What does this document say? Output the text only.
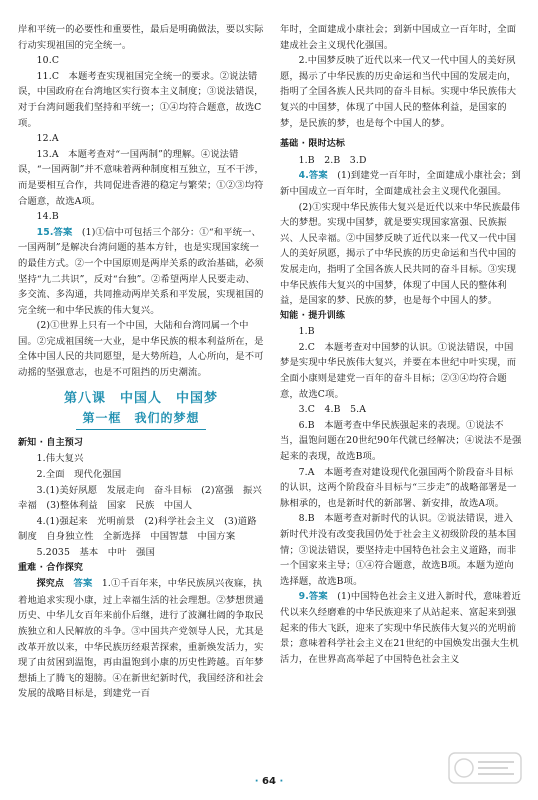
岸和平统一的必要性和重要性，最后是明确做法，要以实际行动实现祖国的完全统一。

10.C

11.C　本题考查实现祖国完全统一的要求。②说法错误，中国政府在台湾地区实行资本主义制度；③说法错误，对于台湾问题我们坚持和平统一；①④均符合题意，故选C项。

12.A

13.A　本题考查对“一国两制”的理解。④说法错误，“一国两制”并不意味着两种制度相互独立，互不干涉，而是要相互合作，共同促进香港的稳定与繁荣；①②③均符合题意，故选A项。

14.B

15.答案　 (1)①信中可包括三个部分：①“和平统一、一国两制”是解决台湾问题的基本方针，也是实现国家统一的最佳方式。②一个中国原则是两岸关系的政治基础，必须坚持“九二共识”，反对“台独”。②希望两岸人民要走动、多交流、多沟通，共同推动两岸关系和平发展，实现祖国的完全统一和中华民族的伟大复兴。

(2)①世界上只有一个中国，大陆和台湾同属一个中国。②完成祖国统一大业，是中华民族的根本利益所在，是全体中国人民的共同愿望，是大势所趋，人心所向，是不可动摇的坚强意志，也是不可阻挡的历史潮流。

第八课　中国人　中国梦
第一框　我们的梦想

新知 · 自主预习

1.伟大复兴

2.全面　现代化强国

3.(1)美好夙愿　发展走向　奋斗目标　(2)富强　振兴　幸福　(3)整体利益　国家　民族　中国人

4.(1)强起来　光明前景　(2)科学社会主义　(3)道路　制度　自身独立性　全新选择　中国智慧　中国方案

5.2035　基本　中叶　强国

重难 · 合作探究

探究点　 答案　 1.①千百年来，中华民族夙兴夜寐，执着地追求实现小康，过上幸福生活的社会理想。②梦想贯通历史、中华儿女百年来前仆后继，进行了波澜壮阔的争取民族独立和人民解放的斗争。③中国共产党领导人民，尤其是改革开放以来，中华民族历经艰苦探索，重新焕发活力，实现了由贫困到温饱，再由温饱到小康的历史性跨越。百年梦想插上了腾飞的翅膀。④在新世纪新时代，我国经济和社会发展的战略目标是，到建党一百

年时，全面建成小康社会；到新中国成立一百年时，全面建成社会主义现代化强国。

2.中国梦反映了近代以来一代又一代中国人的美好夙愿，揭示了中华民族的历史命运和当代中国的发展走向，指明了全国各族人民共同的奋斗目标。实现中华民族伟大复兴的中国梦，体现了中国人民的整体利益，是国家的梦，是民族的梦，也是每个中国人的梦。

基础 · 限时达标

1.B　2.B　3.D

4.答案　 (1)到建党一百年时，全面建成小康社会；到新中国成立一百年时，全面建成社会主义现代化强国。

(2)①实现中华民族伟大复兴是近代以来中华民族最伟大的梦想。实现中国梦，就是要实现国家富强、民族振兴、人民幸福。②中国梦反映了近代以来一代又一代中国人的美好夙愿，揭示了中华民族的历史命运和当代中国的发展走向，指明了全国各族人民共同的奋斗目标。③实现中华民族伟大复兴的中国梦，体现了中国人民的整体利益，是国家的梦、民族的梦，也是每个中国人的梦。

知能 · 提升训练

1.B

2.C　本题考查对中国梦的认识。①说法错误，中国梦是实现中华民族伟大复兴，并要在本世纪中叶实现，而全面小康则是建党一百年的奋斗目标；②③④均符合题意，故选C项。

3.C　4.B　5.A

6.B　本题考查中华民族强起来的表现。①说法不当，温饱问题在20世纪90年代就已经解决；④说法不是强起来的表现，故选B项。

7.A　本题考查对建设现代化强国两个阶段奋斗目标的认识，这两个阶段奋斗目标与“三步走”的战略部署是一脉相承的，也是新时代的新部署、新安排，故选A项。

8.B　本题考查对新时代的认识。②说法错误，进入新时代并没有改变我国仍处于社会主义初级阶段的基本国情；③说法错误，要坚持走中国特色社会主义道路，而非一个国家来主导；①④符合题意，故选B项。本题为逆向选择题，故选B项。

9.答案　 (1)中国特色社会主义进入新时代，意味着近代以来久经磨难的中华民族迎来了从站起来、富起来到强起来的伟大飞跃，迎来了实现中华民族伟大复兴的光明前景；意味着科学社会主义在21世纪的中国焕发出强大生机活力，在世界高高举起了中国特色社会主义

· 64 ·
